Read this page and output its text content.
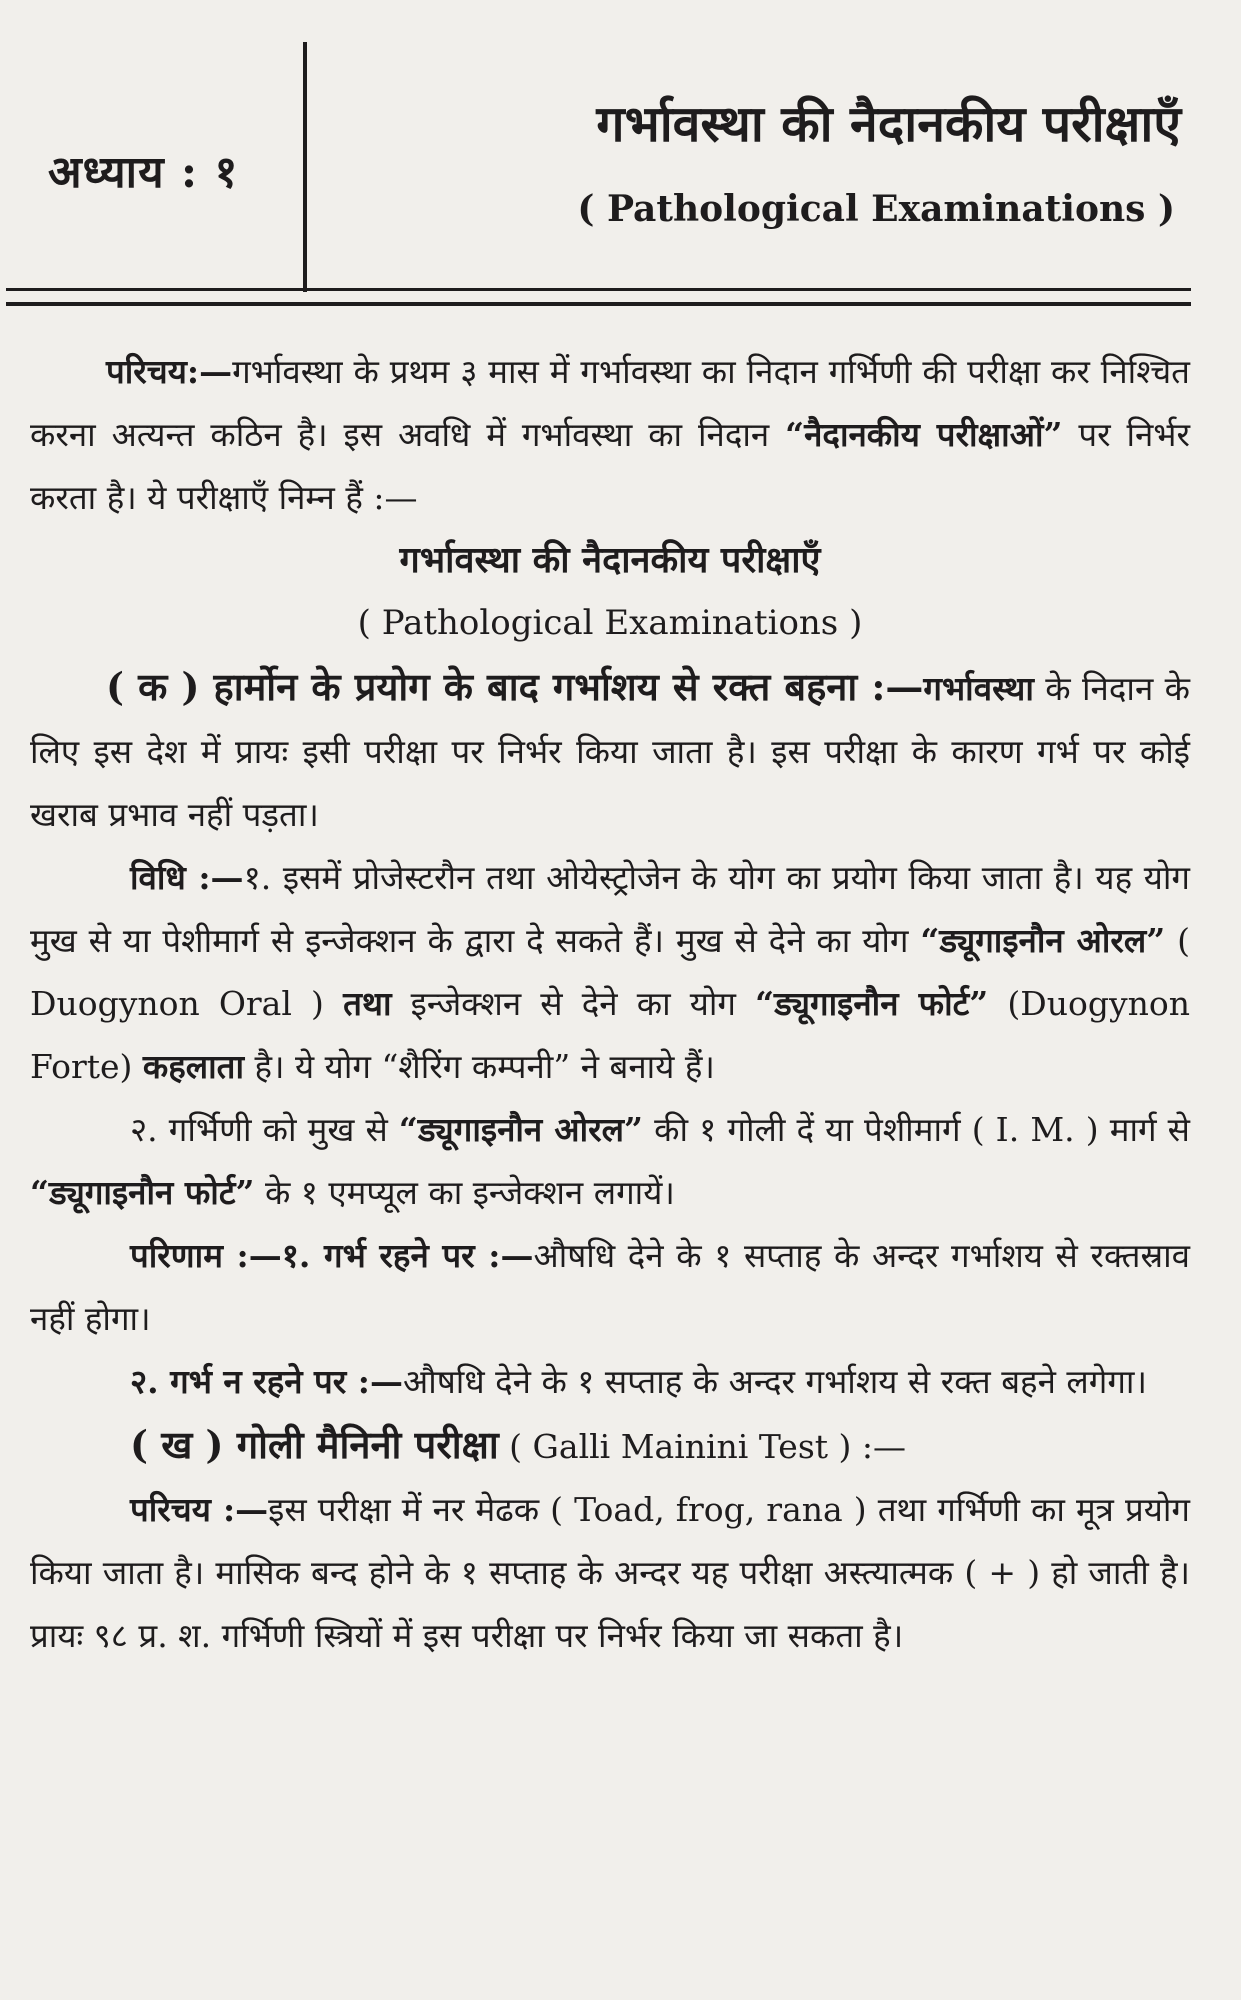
अध्याय : १
गर्भावस्था की नैदानकीय परीक्षाएँ
( Pathological Examinations )

परिचय:—गर्भावस्था के प्रथम ३ मास में गर्भावस्था का निदान गर्भिणी की परीक्षा कर निश्चित करना अत्यन्त कठिन है। इस अवधि में गर्भावस्था का निदान “नैदानकीय परीक्षाओं” पर निर्भर करता है। ये परीक्षाएँ निम्न हैं :—

गर्भावस्था की नैदानकीय परीक्षाएँ

( Pathological Examinations )

( क ) हार्मोन के प्रयोग के बाद गर्भाशय से रक्त बहना :—गर्भावस्था के निदान के लिए इस देश में प्रायः इसी परीक्षा पर निर्भर किया जाता है। इस परीक्षा के कारण गर्भ पर कोई खराब प्रभाव नहीं पड़ता।

विधि :—१. इसमें प्रोजेस्टरौन तथा ओयेस्ट्रोजेन के योग का प्रयोग किया जाता है। यह योग मुख से या पेशीमार्ग से इन्जेक्शन के द्वारा दे सकते हैं। मुख से देने का योग “ड्यूगाइनौन ओरल” ( Duogynon Oral ) तथा इन्जेक्शन से देने का योग “ड्यूगाइनौन फोर्ट” (Duogynon Forte) कहलाता है। ये योग “शैरिंग कम्पनी” ने बनाये हैं।

२. गर्भिणी को मुख से “ड्यूगाइनौन ओरल” की १ गोली दें या पेशीमार्ग ( I. M. ) मार्ग से “ड्यूगाइनौन फोर्ट” के १ एमप्यूल का इन्जेक्शन लगायें।

परिणाम :—१. गर्भ रहने पर :—औषधि देने के १ सप्ताह के अन्दर गर्भाशय से रक्तस्राव नहीं होगा।

२. गर्भ न रहने पर :—औषधि देने के १ सप्ताह के अन्दर गर्भाशय से रक्त बहने लगेगा।

( ख ) गोली मैनिनी परीक्षा ( Galli Mainini Test ) :—

परिचय :—इस परीक्षा में नर मेढक ( Toad, frog, rana ) तथा गर्भिणी का मूत्र प्रयोग किया जाता है। मासिक बन्द होने के १ सप्ताह के अन्दर यह परीक्षा अस्त्यात्मक ( + ) हो जाती है। प्रायः ९८ प्र. श. गर्भिणी स्त्रियों में इस परीक्षा पर निर्भर किया जा सकता है।
